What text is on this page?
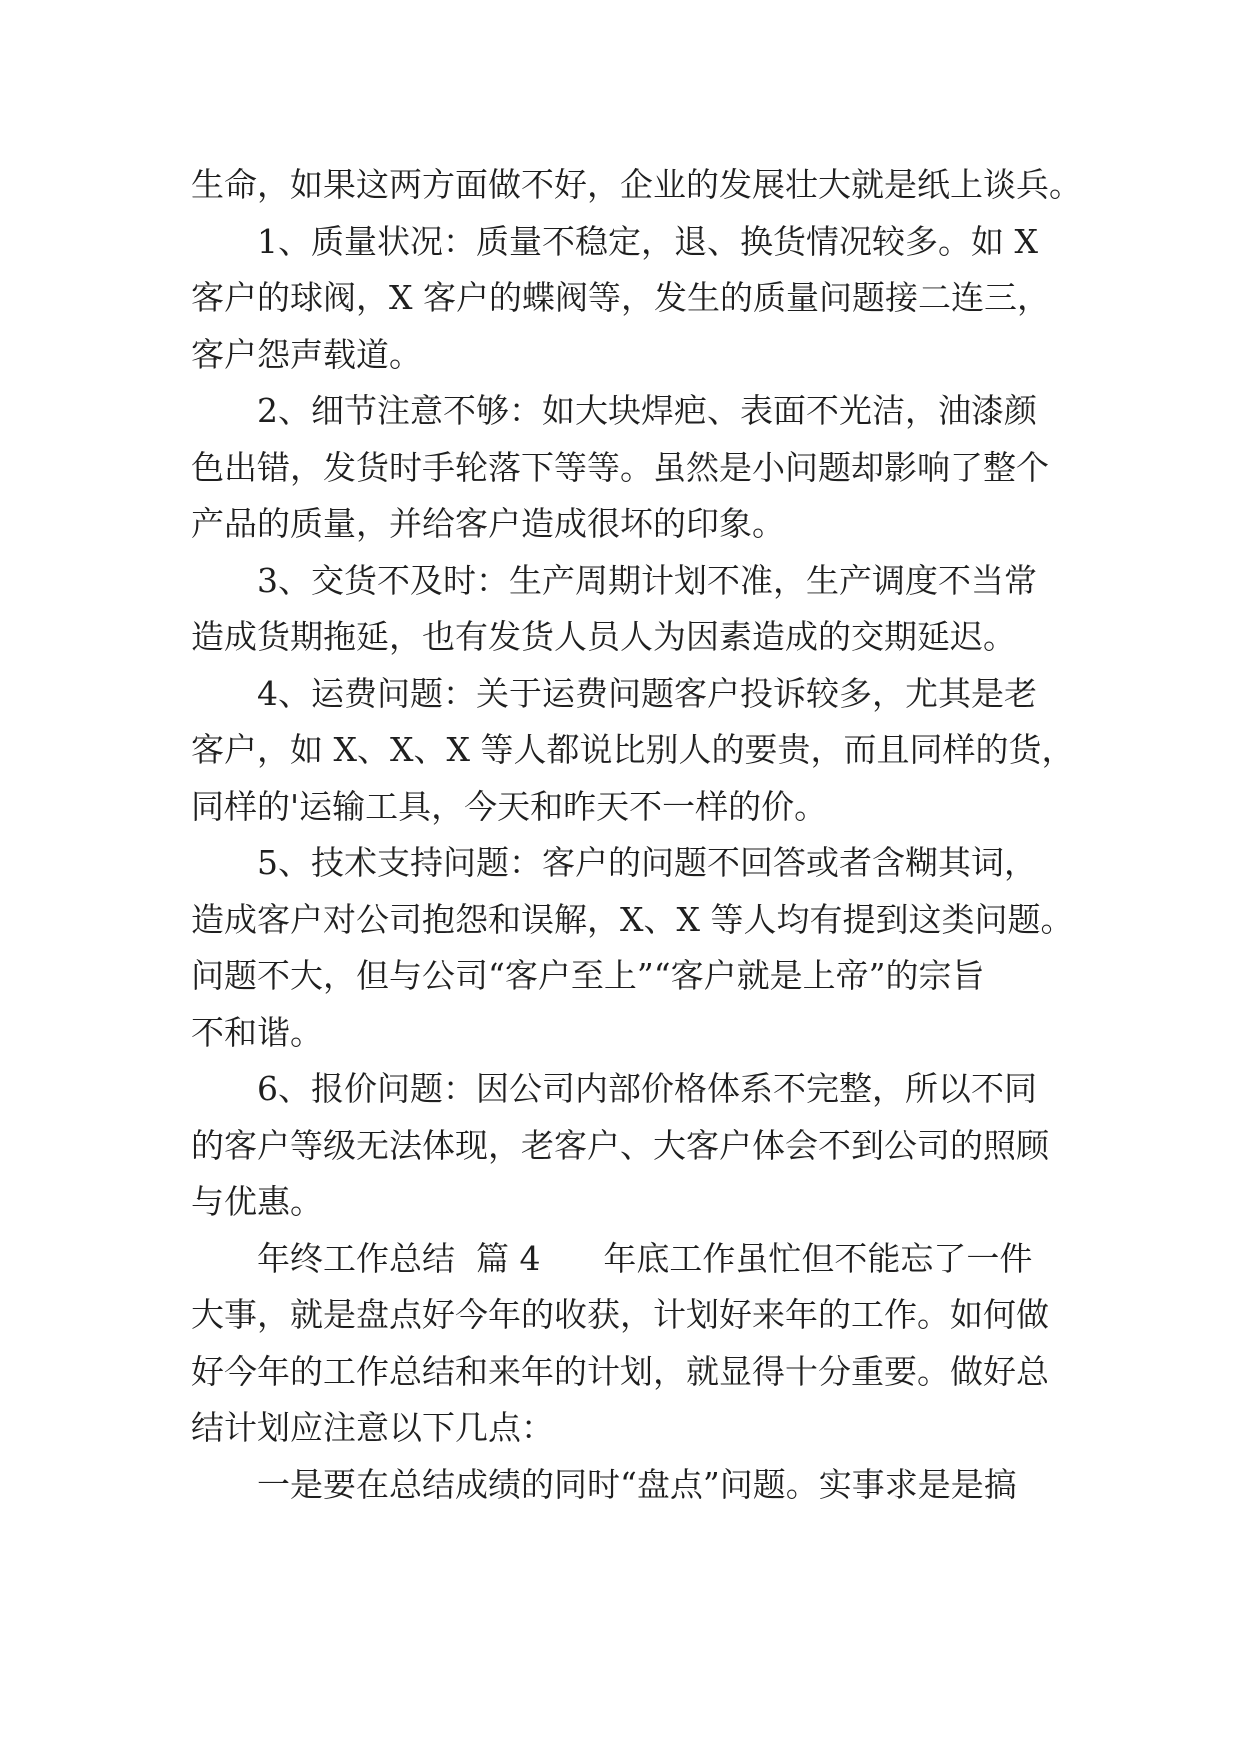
生命，如果这两方面做不好，企业的发展壮大就是纸上谈兵。
1、质量状况：质量不稳定，退、换货情况较多。如 X
客户的球阀，X 客户的蝶阀等，发生的质量问题接二连三，
客户怨声载道。
2、细节注意不够：如大块焊疤、表面不光洁，油漆颜
色出错，发货时手轮落下等等。虽然是小问题却影响了整个
产品的质量，并给客户造成很坏的印象。
3、交货不及时：生产周期计划不准，生产调度不当常
造成货期拖延，也有发货人员人为因素造成的交期延迟。
4、运费问题：关于运费问题客户投诉较多，尤其是老
客户，如 X、X、X 等人都说比别人的要贵，而且同样的货，
同样的'运输工具，今天和昨天不一样的价。
5、技术支持问题：客户的问题不回答或者含糊其词，
造成客户对公司抱怨和误解，X、X 等人均有提到这类问题。
问题不大，但与公司“客户至上”“客户就是上帝”的宗旨
不和谐。
6、报价问题：因公司内部价格体系不完整，所以不同
的客户等级无法体现，老客户、大客户体会不到公司的照顾
与优惠。
年终工作总结  篇 4      年底工作虽忙但不能忘了一件
大事，就是盘点好今年的收获，计划好来年的工作。如何做
好今年的工作总结和来年的计划，就显得十分重要。做好总
结计划应注意以下几点：
一是要在总结成绩的同时“盘点”问题。实事求是是搞
